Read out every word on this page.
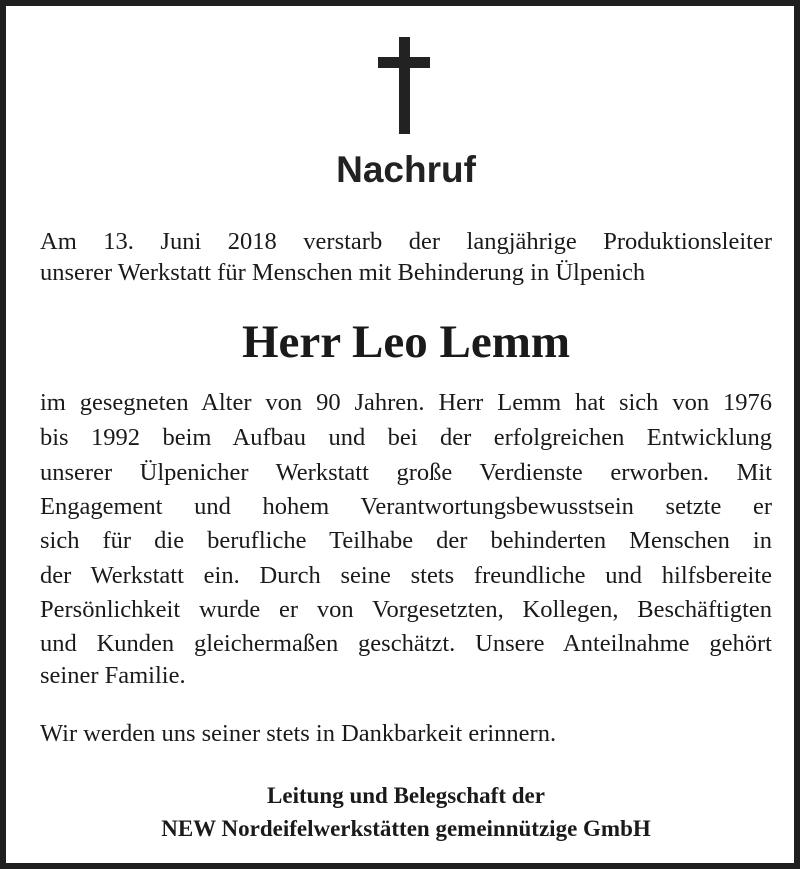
Nachruf
Am 13. Juni 2018 verstarb der langjährige Produktionsleiter
unserer Werkstatt für Menschen mit Behinderung in Ülpenich
Herr Leo Lemm
im gesegneten Alter von 90 Jahren. Herr Lemm hat sich von 1976
bis 1992 beim Aufbau und bei der erfolgreichen Entwicklung
unserer Ülpenicher Werkstatt große Verdienste erworben. Mit
Engagement und hohem Verantwortungsbewusstsein setzte er
sich für die berufliche Teilhabe der behinderten Menschen in
der Werkstatt ein. Durch seine stets freundliche und hilfsbereite
Persönlichkeit wurde er von Vorgesetzten, Kollegen, Beschäftigten
und Kunden gleichermaßen geschätzt. Unsere Anteilnahme gehört
seiner Familie.
Wir werden uns seiner stets in Dankbarkeit erinnern.
Leitung und Belegschaft der
NEW Nordeifelwerkstätten gemeinnützige GmbH
